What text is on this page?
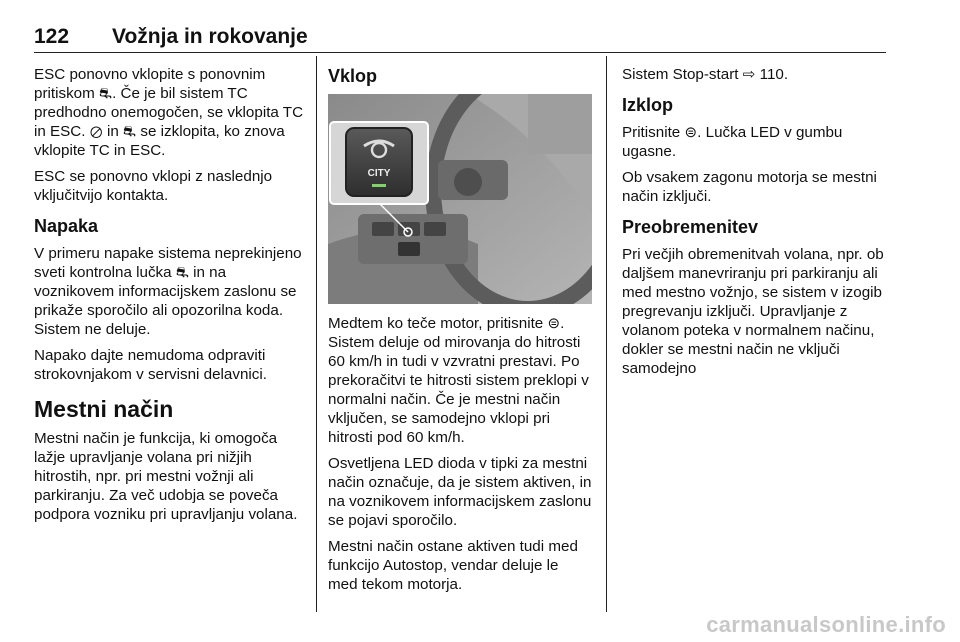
122 Vožnja in rokovanje

ESC ponovno vklopite s ponovnim pritiskom ⛐. Če je bil sistem TC predhodno onemogočen, se vklopita TC in ESC. ⊘ in ⛐ se izklopita, ko znova vklopite TC in ESC.

ESC se ponovno vklopi z naslednjo vključitvijo kontakta.

Napaka

V primeru napake sistema neprekinjeno sveti kontrolna lučka ⛐ in na voznikovem informacijskem zaslonu se prikaže sporočilo ali opozorilna koda. Sistem ne deluje.

Napako dajte nemudoma odpraviti strokovnjakom v servisni delavnici.

Mestni način

Mestni način je funkcija, ki omogoča lažje upravljanje volana pri nižjih hitrostih, npr. pri mestni vožnji ali parkiranju. Za več udobja se poveča podpora vozniku pri upravljanju volana.

Vklop
CITY

Medtem ko teče motor, pritisnite ⊜. Sistem deluje od mirovanja do hitrosti 60 km/h in tudi v vzvratni prestavi. Po prekoračitvi te hitrosti sistem preklopi v normalni način. Če je mestni način vključen, se samodejno vklopi pri hitrosti pod 60 km/h.

Osvetljena LED dioda v tipki za mestni način označuje, da je sistem aktiven, in na voznikovem informacijskem zaslonu se pojavi sporočilo.

Mestni način ostane aktiven tudi med funkcijo Autostop, vendar deluje le med tekom motorja.

Sistem Stop-start ⇨ 110.

Izklop

Pritisnite ⊜. Lučka LED v gumbu ugasne.

Ob vsakem zagonu motorja se mestni način izključi.

Preobremenitev

Pri večjih obremenitvah volana, npr. ob daljšem manevriranju pri parkiranju ali med mestno vožnjo, se sistem v izogib pregrevanju izključi. Upravljanje z volanom poteka v normalnem načinu, dokler se mestni način ne vključi samodejno

carmanualsonline.info
